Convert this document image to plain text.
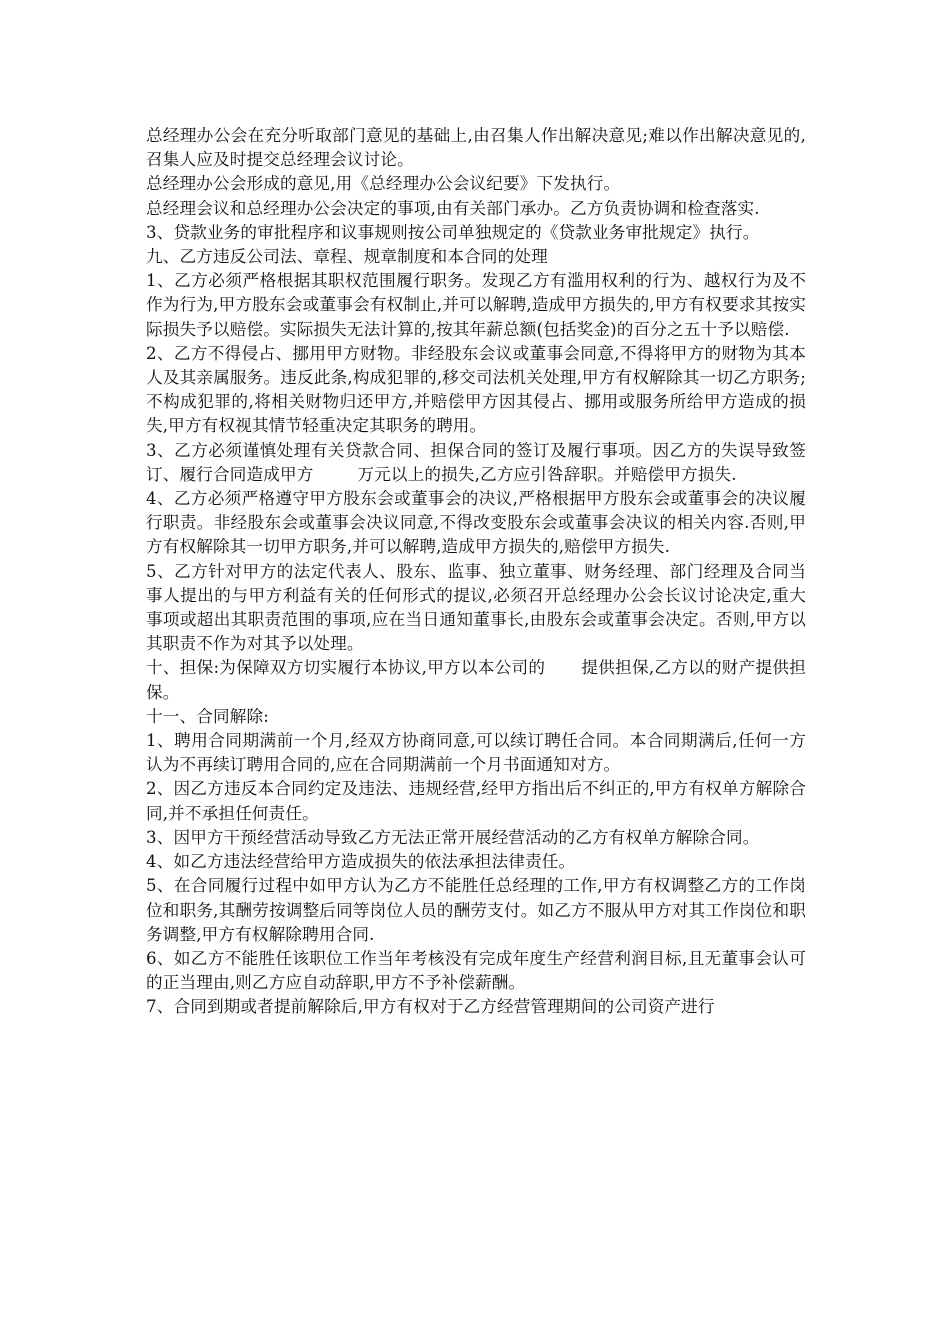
总经理办公会在充分听取部门意见的基础上,由召集人作出解决意见;难以作出解决意见的,召集人应及时提交总经理会议讨论。

总经理办公会形成的意见,用《总经理办公会议纪要》下发执行。

总经理会议和总经理办公会决定的事项,由有关部门承办。乙方负责协调和检查落实.

3、贷款业务的审批程序和议事规则按公司单独规定的《贷款业务审批规定》执行。

九、乙方违反公司法、章程、规章制度和本合同的处理

1、乙方必须严格根据其职权范围履行职务。发现乙方有滥用权利的行为、越权行为及不作为行为,甲方股东会或董事会有权制止,并可以解聘,造成甲方损失的,甲方有权要求其按实际损失予以赔偿。实际损失无法计算的,按其年薪总额(包括奖金)的百分之五十予以赔偿.

2、乙方不得侵占、挪用甲方财物。非经股东会议或董事会同意,不得将甲方的财物为其本人及其亲属服务。违反此条,构成犯罪的,移交司法机关处理,甲方有权解除其一切乙方职务;不构成犯罪的,将相关财物归还甲方,并赔偿甲方因其侵占、挪用或服务所给甲方造成的损失,甲方有权视其情节轻重决定其职务的聘用。

3、乙方必须谨慎处理有关贷款合同、担保合同的签订及履行事项。因乙方的失误导致签订、履行合同造成甲方	万元以上的损失,乙方应引咎辞职。并赔偿甲方损失.

4、乙方必须严格遵守甲方股东会或董事会的决议,严格根据甲方股东会或董事会的决议履行职责。非经股东会或董事会决议同意,不得改变股东会或董事会决议的相关内容.否则,甲方有权解除其一切甲方职务,并可以解聘,造成甲方损失的,赔偿甲方损失.

5、乙方针对甲方的法定代表人、股东、监事、独立董事、财务经理、部门经理及合同当事人提出的与甲方利益有关的任何形式的提议,必须召开总经理办公会长议讨论决定,重大事项或超出其职责范围的事项,应在当日通知董事长,由股东会或董事会决定。否则,甲方以其职责不作为对其予以处理。

十、担保:为保障双方切实履行本协议,甲方以本公司的 提供担保,乙方以的财产提供担保。

十一、合同解除:

1、聘用合同期满前一个月,经双方协商同意,可以续订聘任合同。本合同期满后,任何一方认为不再续订聘用合同的,应在合同期满前一个月书面通知对方。

2、因乙方违反本合同约定及违法、违规经营,经甲方指出后不纠正的,甲方有权单方解除合同,并不承担任何责任。

3、因甲方干预经营活动导致乙方无法正常开展经营活动的乙方有权单方解除合同。

4、如乙方违法经营给甲方造成损失的依法承担法律责任。

5、在合同履行过程中如甲方认为乙方不能胜任总经理的工作,甲方有权调整乙方的工作岗位和职务,其酬劳按调整后同等岗位人员的酬劳支付。如乙方不服从甲方对其工作岗位和职务调整,甲方有权解除聘用合同.

6、如乙方不能胜任该职位工作当年考核没有完成年度生产经营利润目标,且无董事会认可的正当理由,则乙方应自动辞职,甲方不予补偿薪酬。

7、合同到期或者提前解除后,甲方有权对于乙方经营管理期间的公司资产进行
